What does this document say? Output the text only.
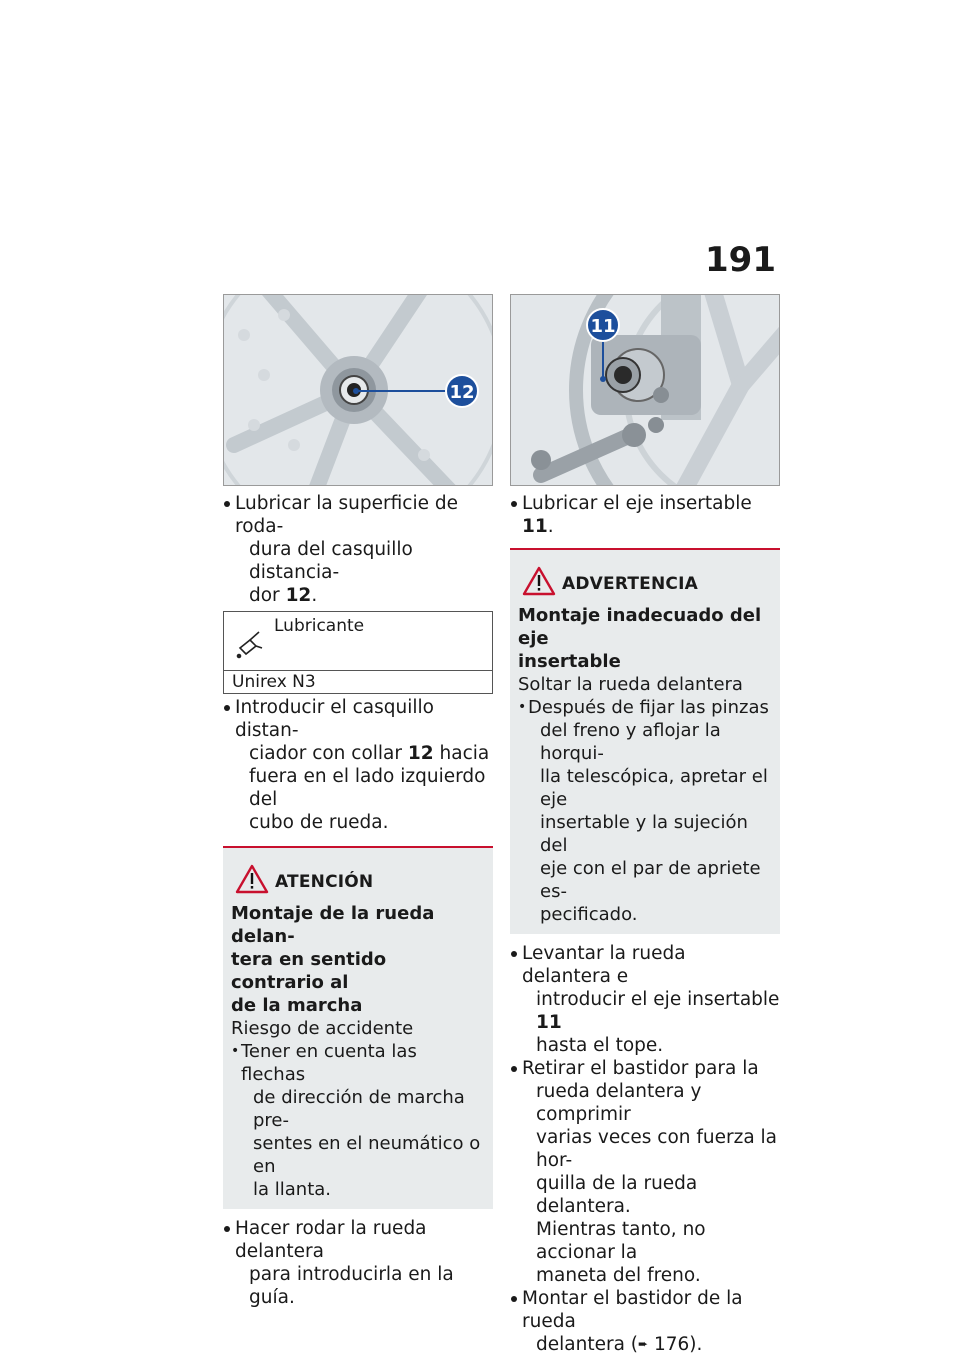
191
12
Lubricar la superficie de roda-
dura del casquillo distancia-
dor 12.
Lubricante
Unirex N3
Introducir el casquillo distan-
ciador con collar 12 hacia
fuera en el lado izquierdo del
cubo de rueda.
ATENCIÓN
Montaje de la rueda delan-
tera en sentido contrario al
de la marcha

Riesgo de accidente

• Tener en cuenta las flechas
de dirección de marcha pre-
sentes en el neumático o en
la llanta.
Hacer rodar la rueda delantera
para introducirla en la guía.
11
Lubricar el eje insertable 11.
ADVERTENCIA
Montaje inadecuado del eje
insertable

Soltar la rueda delantera

• Después de fijar las pinzas
del freno y aflojar la horqui-
lla telescópica, apretar el eje
insertable y la sujeción del
eje con el par de apriete es-
pecificado.
Levantar la rueda delantera e
introducir el eje insertable 11
hasta el tope.
Retirar el bastidor para la
rueda delantera y comprimir
varias veces con fuerza la hor-
quilla de la rueda delantera.
Mientras tanto, no accionar la
maneta del freno.
Montar el bastidor de la rueda
delantera (➨ 176).
